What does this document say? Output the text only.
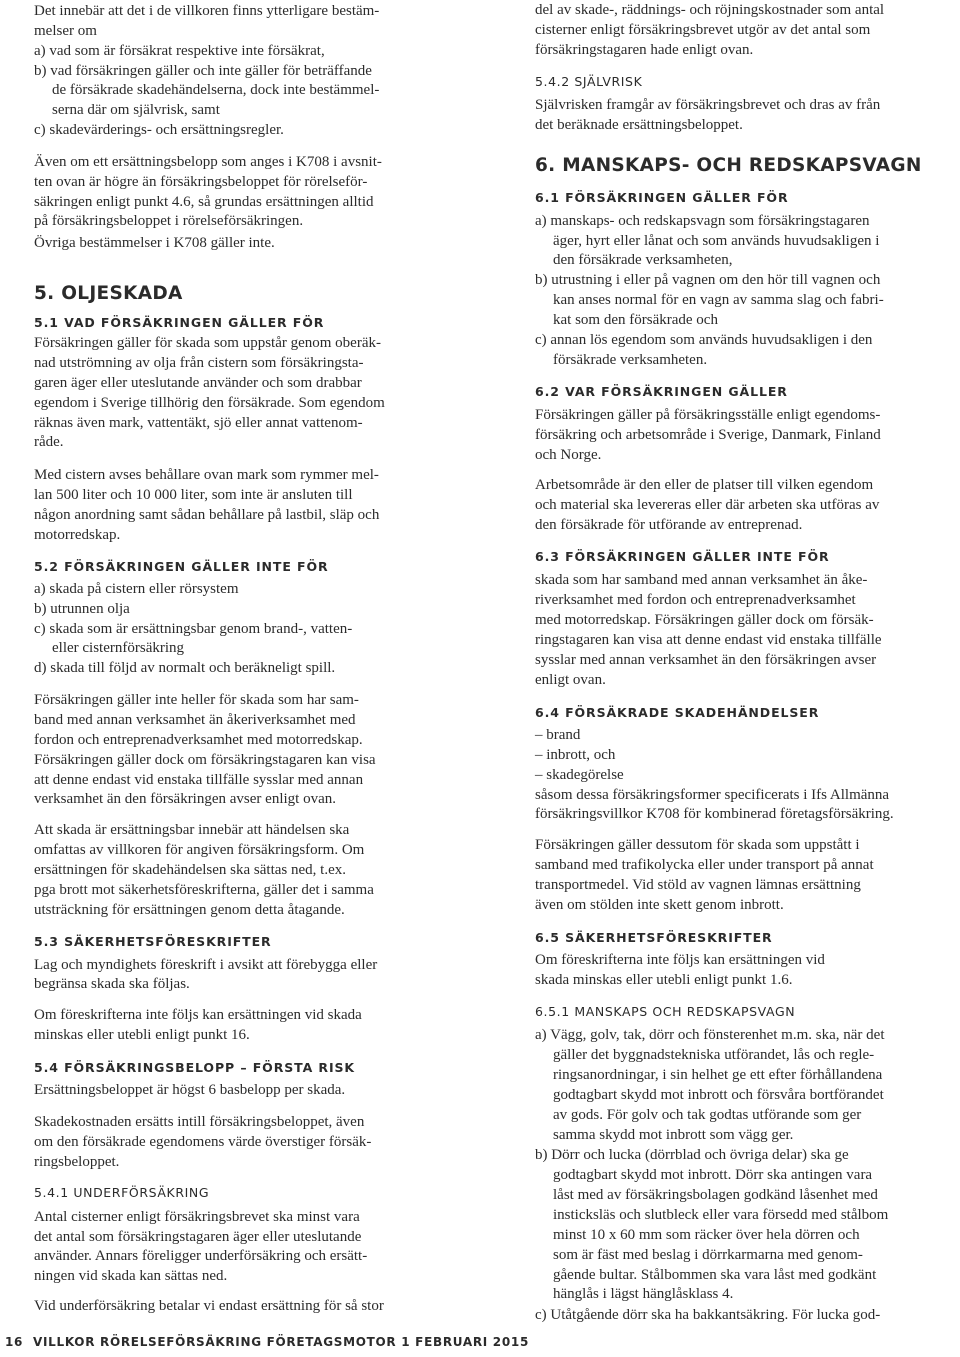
Det innebär att det i de villkoren finns ytterligare bestäm-
melser om
a) vad som är försäkrat respektive inte försäkrat,
b) vad försäkringen gäller och inte gäller för beträffande
de försäkrade skadehändelserna, dock inte bestämmel-
serna där om självrisk, samt
c) skadevärderings- och ersättningsregler.
Även om ett ersättningsbelopp som anges i K708 i avsnit-
ten ovan är högre än försäkringsbeloppet för rörelseför-
säkringen enligt punkt 4.6, så grundas ersättningen alltid
på försäkringsbeloppet i rörelseförsäkringen.
Övriga bestämmelser i K708 gäller inte.
5. OLJESKADA
5.1 VAD FÖRSÄKRINGEN GÄLLER FÖR
Försäkringen gäller för skada som uppstår genom oberäk-
nad utströmning av olja från cistern som försäkringsta-
garen äger eller uteslutande använder och som drabbar
egendom i Sverige tillhörig den försäkrade. Som egendom
räknas även mark, vattentäkt, sjö eller annat vattenom-
råde.
Med cistern avses behållare ovan mark som rymmer mel-
lan 500 liter och 10 000 liter, som inte är ansluten till
någon anordning samt sådan behållare på lastbil, släp och
motorredskap.
5.2 FÖRSÄKRINGEN GÄLLER INTE FÖR
a) skada på cistern eller rörsystem
b) utrunnen olja
c) skada som är ersättningsbar genom brand-, vatten-
eller cisternförsäkring
d) skada till följd av normalt och beräkneligt spill.
Försäkringen gäller inte heller för skada som har sam-
band med annan verksamhet än åkeriverksamhet med
fordon och entreprenadverksamhet med motorredskap.
Försäkringen gäller dock om försäkringstagaren kan visa
att denne endast vid enstaka tillfälle sysslar med annan
verksamhet än den försäkringen avser enligt ovan.
Att skada är ersättningsbar innebär att händelsen ska
omfattas av villkoren för angiven försäkringsform. Om
ersättningen för skadehändelsen ska sättas ned, t.ex.
pga brott mot säkerhetsföreskrifterna, gäller det i samma
utsträckning för ersättningen genom detta åtagande.
5.3 SÄKERHETSFÖRESKRIFTER
Lag och myndighets föreskrift i avsikt att förebygga eller
begränsa skada ska följas.
Om föreskrifterna inte följs kan ersättningen vid skada
minskas eller utebli enligt punkt 16.
5.4 FÖRSÄKRINGSBELOPP – FÖRSTA RISK
Ersättningsbeloppet är högst 6 basbelopp per skada.
Skadekostnaden ersätts intill försäkringsbeloppet, även
om den försäkrade egendomens värde överstiger försäk-
ringsbeloppet.
5.4.1 UNDERFÖRSÄKRING
Antal cisterner enligt försäkringsbrevet ska minst vara
det antal som försäkringstagaren äger eller uteslutande
använder. Annars föreligger underförsäkring och ersätt-
ningen vid skada kan sättas ned.
Vid underförsäkring betalar vi endast ersättning för så stor
del av skade-, räddnings- och röjningskostnader som antal
cisterner enligt försäkringsbrevet utgör av det antal som
försäkringstagaren hade enligt ovan.
5.4.2 SJÄLVRISK
Självrisken framgår av försäkringsbrevet och dras av från
det beräknade ersättningsbeloppet.
6. MANSKAPS- OCH REDSKAPSVAGN
6.1 FÖRSÄKRINGEN GÄLLER FÖR
a) manskaps- och redskapsvagn som försäkringstagaren
äger, hyrt eller lånat och som används huvudsakligen i
den försäkrade verksamheten,
b) utrustning i eller på vagnen om den hör till vagnen och
kan anses normal för en vagn av samma slag och fabri-
kat som den försäkrade och
c) annan lös egendom som används huvudsakligen i den
försäkrade verksamheten.
6.2 VAR FÖRSÄKRINGEN GÄLLER
Försäkringen gäller på försäkringsställe enligt egendoms-
försäkring och arbetsområde i Sverige, Danmark, Finland
och Norge.
Arbetsområde är den eller de platser till vilken egendom
och material ska levereras eller där arbeten ska utföras av
den försäkrade för utförande av entreprenad.
6.3 FÖRSÄKRINGEN GÄLLER INTE FÖR
skada som har samband med annan verksamhet än åke-
riverksamhet med fordon och entreprenadverksamhet
med motorredskap. Försäkringen gäller dock om försäk-
ringstagaren kan visa att denne endast vid enstaka tillfälle
sysslar med annan verksamhet än den försäkringen avser
enligt ovan.
6.4 FÖRSÄKRADE SKADEHÄNDELSER
– brand
– inbrott, och
– skadegörelse
såsom dessa försäkringsformer specificerats i Ifs Allmänna
försäkringsvillkor K708 för kombinerad företagsförsäkring.
Försäkringen gäller dessutom för skada som uppstått i
samband med trafikolycka eller under transport på annat
transportmedel. Vid stöld av vagnen lämnas ersättning
även om stölden inte skett genom inbrott.
6.5 SÄKERHETSFÖRESKRIFTER
Om föreskrifterna inte följs kan ersättningen vid
skada minskas eller utebli enligt punkt 1.6.
6.5.1 MANSKAPS OCH REDSKAPSVAGN
a) Vägg, golv, tak, dörr och fönsterenhet m.m. ska, när det
gäller det byggnadstekniska utförandet, lås och regle-
ringsanordningar, i sin helhet ge ett efter förhållandena
godtagbart skydd mot inbrott och försvåra bortförandet
av gods. För golv och tak godtas utförande som ger
samma skydd mot inbrott som vägg ger.
b) Dörr och lucka (dörrblad och övriga delar) ska ge
godtagbart skydd mot inbrott. Dörr ska antingen vara
låst med av försäkringsbolagen godkänd låsenhet med
insticksläs och slutbleck eller vara försedd med stålbom
minst 10 x 60 mm som räcker över hela dörren och
som är fäst med beslag i dörrkarmarna med genom-
gående bultar. Stålbommen ska vara låst med godkänt
hänglås i lägst hänglåsklass 4.
c) Utåtgående dörr ska ha bakkantsäkring. För lucka god-
16 VILLKOR RÖRELSEFÖRSÄKRING FÖRETAGSMOTOR 1 FEBRUARI 2015
